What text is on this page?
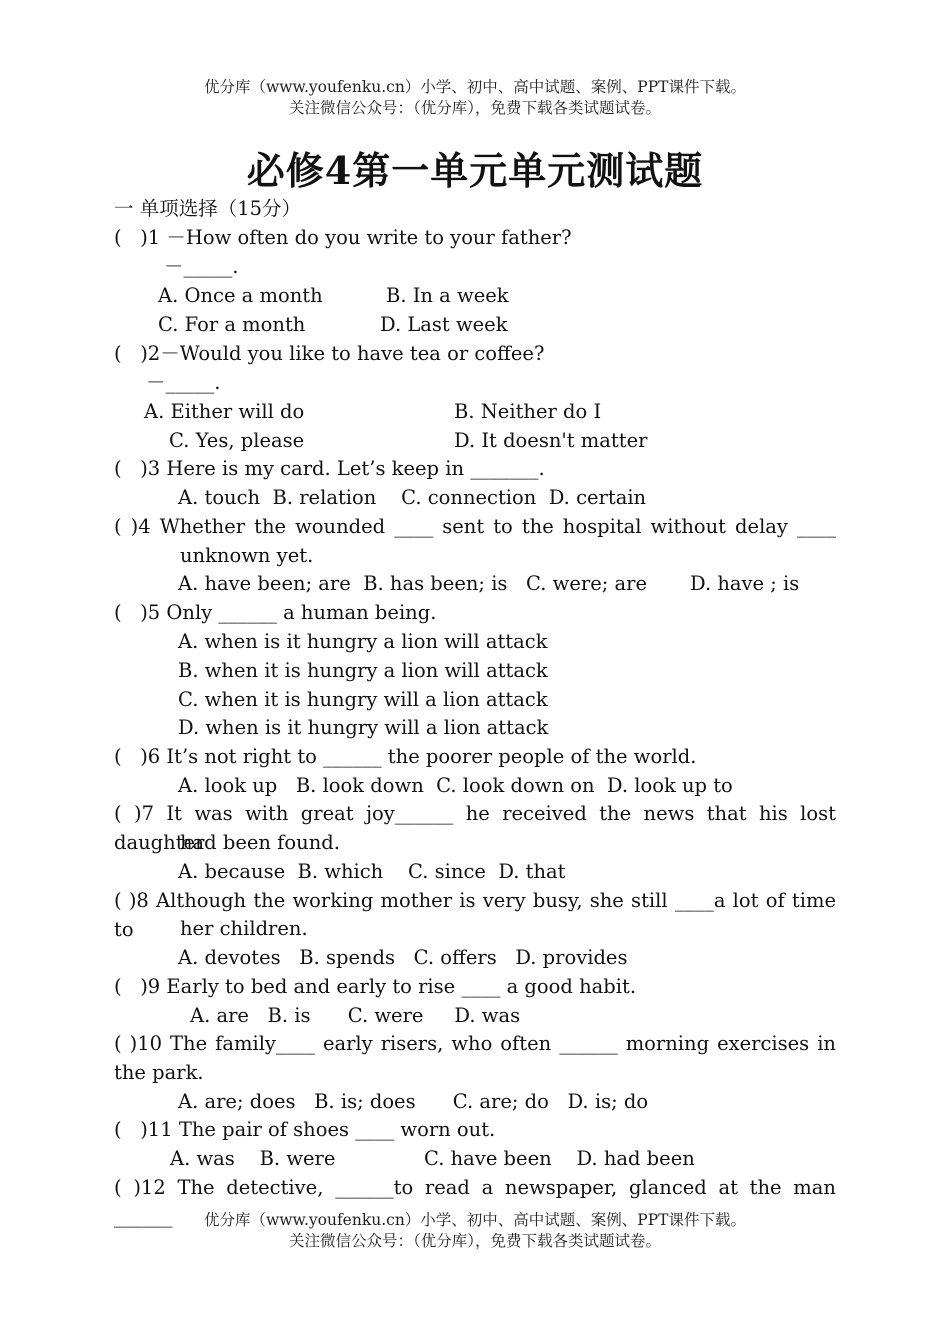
优分库（www.youfenku.cn）小学、初中、高中试题、案例、PPT课件下载。
关注微信公众号：（优分库），免费下载各类试题试卷。
必修4第一单元单元测试题
一 单项选择（15分）
(   )1 －How often do you write to your father?
－_____.
A. Once a month	B. In a week
C. For a month	D. Last week
(   )2－Would you like to have tea or coffee?
－_____.
A. Either will do	B. Neither do I
C. Yes, please	D. It doesn't matter
(   )3 Here is my card. Let’s keep in _______.
A. touch  B. relation    C. connection  D. certain
( )4 Whether the wounded ____ sent to the hospital without delay ____
unknown yet.
A. have been; are  B. has been; is   C. were; are D. have ; is
(   )5 Only ______ a human being.
A. when is it hungry a lion will attack
B. when it is hungry a lion will attack
C. when it is hungry will a lion attack
D. when is it hungry will a lion attack
(   )6 It’s not right to ______ the poorer people of the world.
A. look up   B. look down  C. look down on  D. look up to
( )7 It was with great joy______ he received the news that his lost daughter
had been found.
A. because  B. which    C. since  D. that
( )8 Although the working mother is very busy, she still ____a lot of time to	her children.
A. devotes   B. spends   C. offers   D. provides
(   )9 Early to bed and early to rise ____ a good habit.
A. are   B. is      C. were     D. was
( )10 The family____ early risers, who often ______ morning exercises in
the park.
A. are; does   B. is; does      C. are; do   D. is; do
(   )11 The pair of shoes ____ worn out.
A. was    B. were	C. have been    D. had been
( )12 The detective, ______to read a newspaper, glanced at the man ______	优分库（www.youfenku.cn）小学、初中、高中试题、案例、PPT课件下载。
关注微信公众号：（优分库），免费下载各类试题试卷。
